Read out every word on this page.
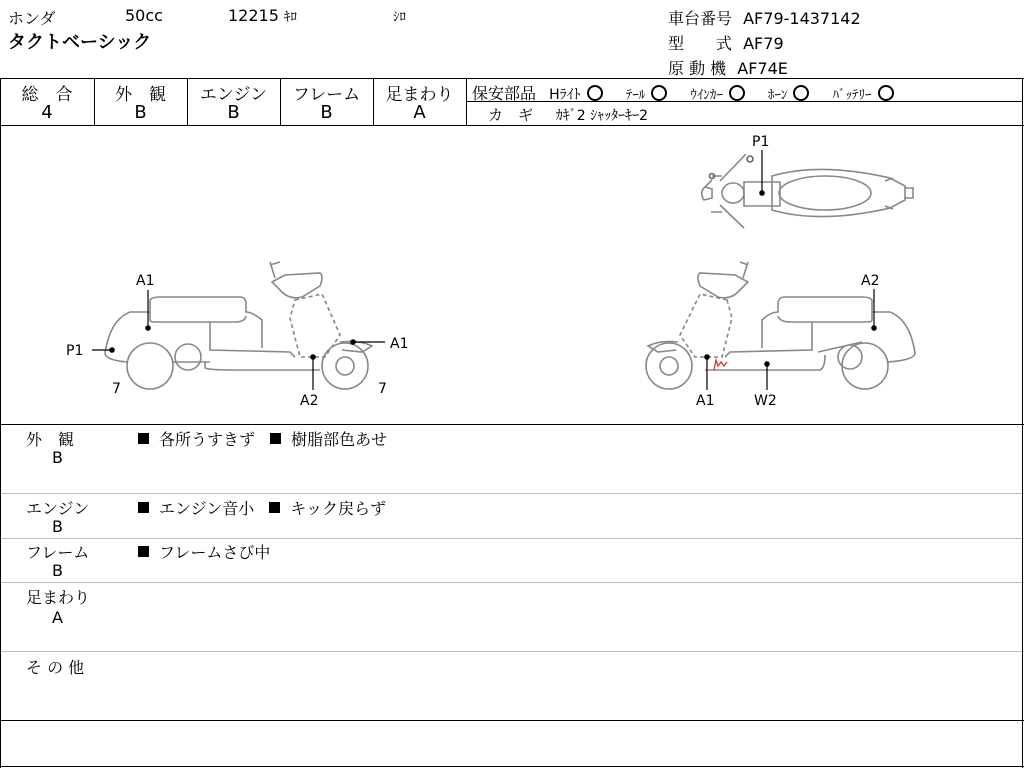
ホンダ	50cc	12215 ｷﾛ	ｼﾛ
タクトベーシック
車台番号 AF79-1437142
型　　式 AF79
原 動 機 AF74E
総　合
4
外　観
B
エンジン
B
フレーム
B
足まわり
A
保安部品 Hﾗｲﾄ	ﾃｰﾙ	ｳｲﾝｶｰ	ﾎｰﾝ	ﾊﾞｯﾃﾘｰ
カ　ギ ｶｷﾞ2 ｼｬｯﾀｰｷｰ2
P1
A1
P1	A1
A2
7	7
A2
A1	W2
外　観
B
各所うすきず 樹脂部色あせ
エンジン
B
エンジン音小 キック戻らず
フレーム
B
フレームさび中
足まわり
A
そ の 他
